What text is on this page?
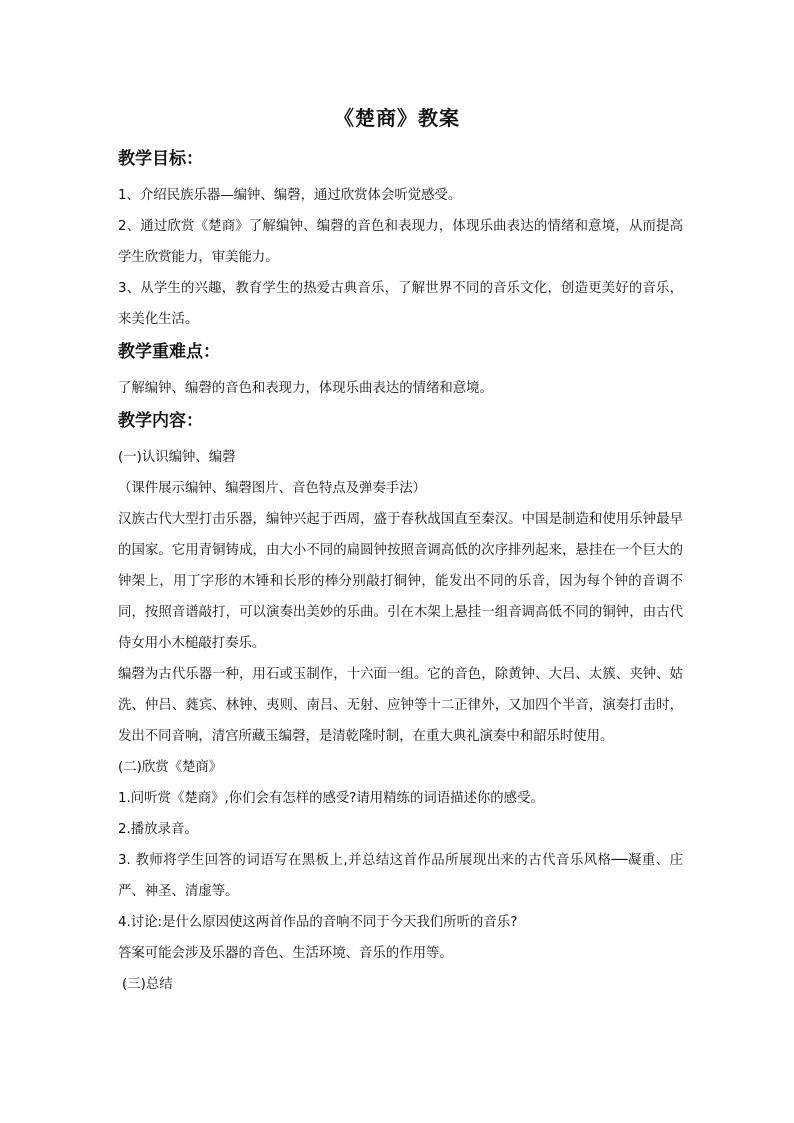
《楚商》教案
教学目标：

1、介绍民族乐器—编钟、编磬，通过欣赏体会听觉感受。

2、通过欣赏《楚商》了解编钟、编磬的音色和表现力，体现乐曲表达的情绪和意境，从而提高学生欣赏能力，审美能力。

3、从学生的兴趣，教育学生的热爱古典音乐，了解世界不同的音乐文化，创造更美好的音乐，来美化生活。

教学重难点：

了解编钟、编磬的音色和表现力，体现乐曲表达的情绪和意境。

教学内容：

(一)认识编钟、编磬

（课件展示编钟、编磬图片、音色特点及弹奏手法）

汉族古代大型打击乐器，编钟兴起于西周，盛于春秋战国直至秦汉。中国是制造和使用乐钟最早的国家。它用青铜铸成，由大小不同的扁圆钟按照音调高低的次序排列起来，悬挂在一个巨大的钟架上，用丁字形的木锤和长形的棒分别敲打铜钟，能发出不同的乐音，因为每个钟的音调不同，按照音谱敲打，可以演奏出美妙的乐曲。引在木架上悬挂一组音调高低不同的铜钟，由古代侍女用小木槌敲打奏乐。

编磬为古代乐器一种，用石或玉制作，十六面一组。它的音色，除黄钟、大吕、太簇、夹钟、姑洗、仲吕、蕤宾、林钟、夷则、南吕、无射、应钟等十二正律外，又加四个半音，演奏打击时，发出不同音响，清宫所藏玉编磬，是清乾隆时制，在重大典礼演奏中和韶乐时使用。

(二)欣赏《楚商》

1.问听赏《楚商》,你们会有怎样的感受?请用精练的词语描述你的感受。

2.播放录音。

3. 教师将学生回答的词语写在黑板上,并总结这首作品所展现出来的古代音乐风格──凝重、庄严、神圣、清虚等。

4.讨论:是什么原因使这两首作品的音响不同于今天我们所听的音乐?

答案可能会涉及乐器的音色、生活环境、音乐的作用等。

(三)总结
